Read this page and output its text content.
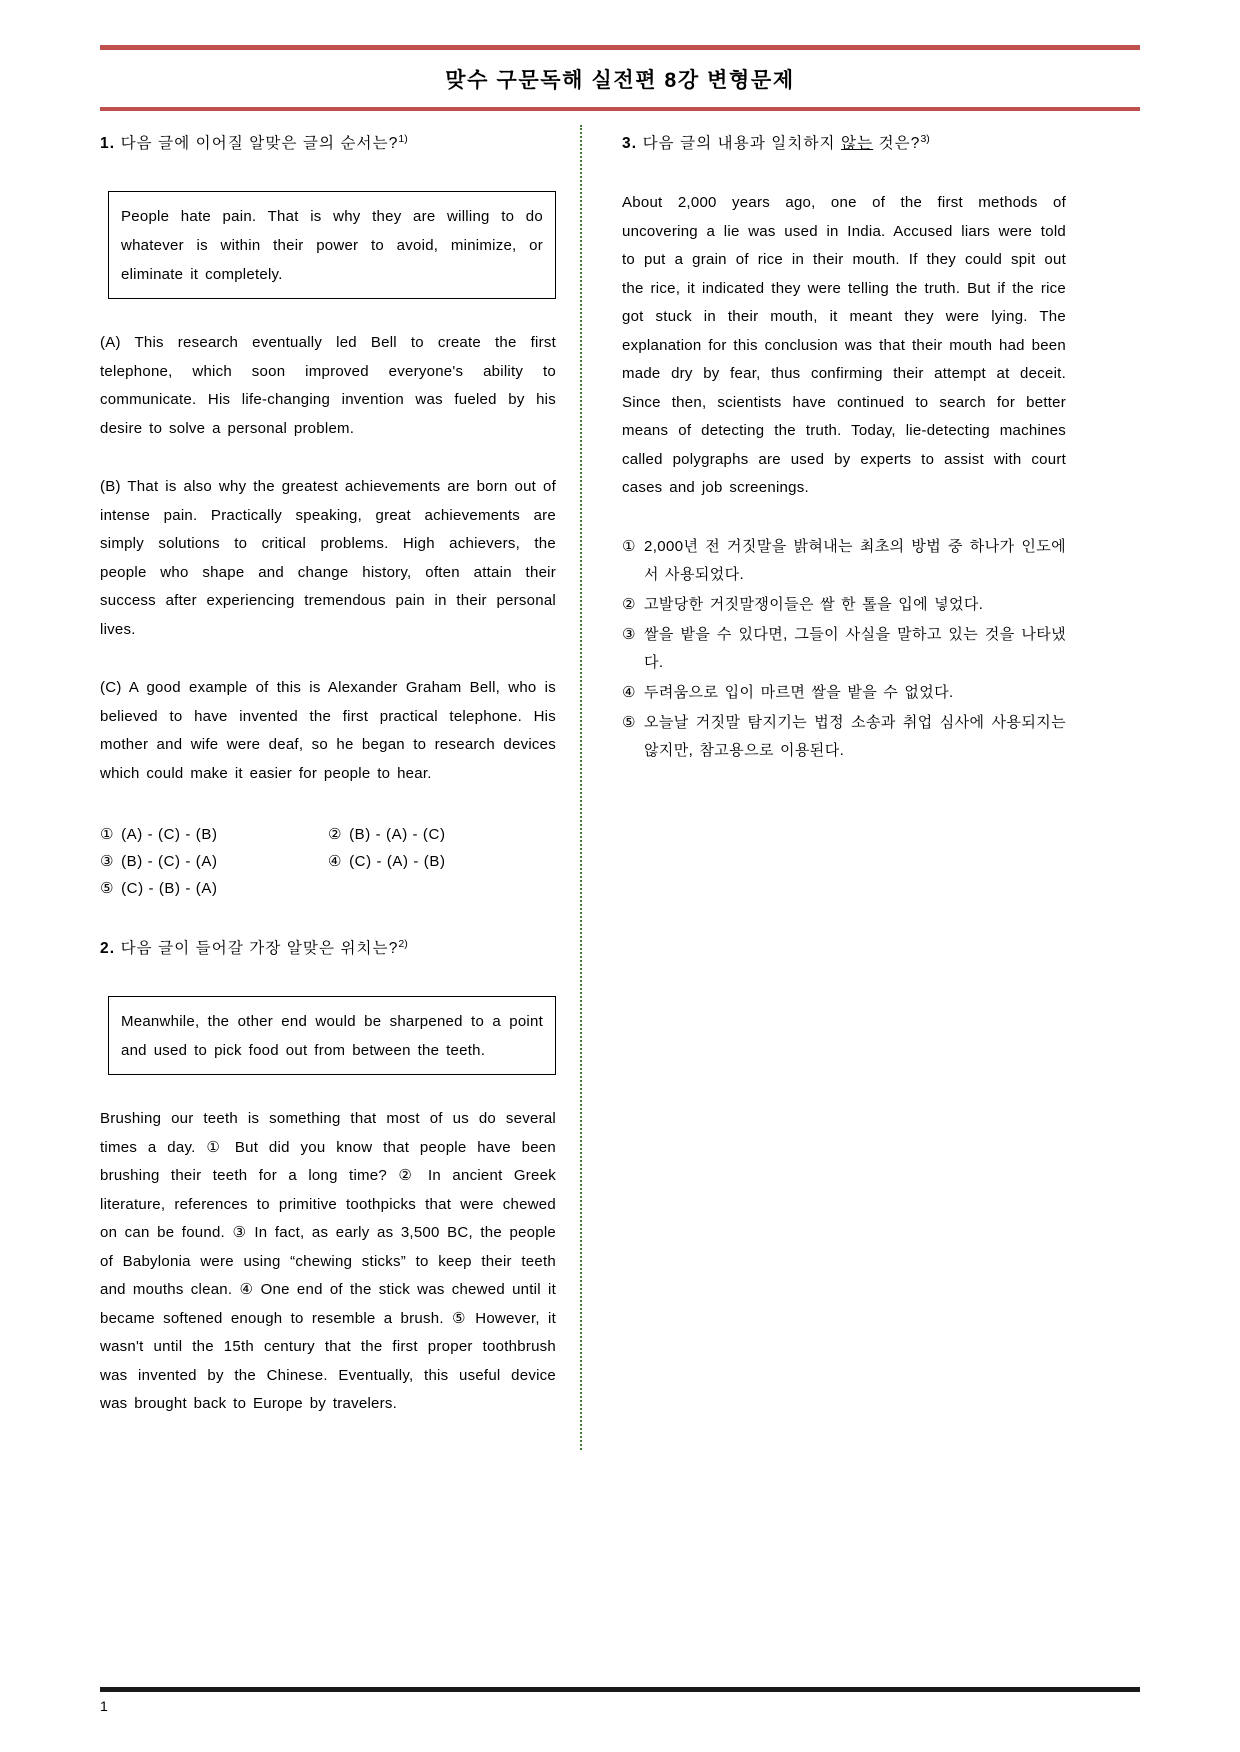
맞수 구문독해 실전편 8강 변형문제
1. 다음 글에 이어질 알맞은 글의 순서는?$^{1)}$

People hate pain. That is why they are willing to do whatever is within their power to avoid, minimize, or eliminate it completely.

(A) This research eventually led Bell to create the first telephone, which soon improved everyone's ability to communicate. His life-changing invention was fueled by his desire to solve a personal problem.
(B) That is also why the greatest achievements are born out of intense pain. Practically speaking, great achievements are simply solutions to critical problems. High achievers, the people who shape and change history, often attain their success after experiencing tremendous pain in their personal lives.
(C) A good example of this is Alexander Graham Bell, who is believed to have invented the first practical telephone. His mother and wife were deaf, so he began to research devices which could make it easier for people to hear.
① (A) - (C) - (B)	② (B) - (A) - (C)
③ (B) - (C) - (A)	④ (C) - (A) - (B)
⑤ (C) - (B) - (A)
2. 다음 글이 들어갈 가장 알맞은 위치는?$^{2)}$

Meanwhile, the other end would be sharpened to a point and used to pick food out from between the teeth.

Brushing our teeth is something that most of us do several times a day. ① But did you know that people have been brushing their teeth for a long time? ② In ancient Greek literature, references to primitive toothpicks that were chewed on can be found. ③ In fact, as early as 3,500 BC, the people of Babylonia were using “chewing sticks” to keep their teeth and mouths clean. ④ One end of the stick was chewed until it became softened enough to resemble a brush. ⑤ However, it wasn't until the 15th century that the first proper toothbrush was invented by the Chinese. Eventually, this useful device was brought back to Europe by travelers.
3. 다음 글의 내용과 일치하지 않는 것은?$^{3)}$
About 2,000 years ago, one of the first methods of uncovering a lie was used in India. Accused liars were told to put a grain of rice in their mouth. If they could spit out the rice, it indicated they were telling the truth. But if the rice got stuck in their mouth, it meant they were lying. The explanation for this conclusion was that their mouth had been made dry by fear, thus confirming their attempt at deceit. Since then, scientists have continued to search for better means of detecting the truth. Today, lie-detecting machines called polygraphs are used by experts to assist with court cases and job screenings.
① 2,000년 전 거짓말을 밝혀내는 최초의 방법 중 하나가 인도에서 사용되었다.
② 고발당한 거짓말쟁이들은 쌀 한 톨을 입에 넣었다.
③ 쌀을 밭을 수 있다면, 그들이 사실을 말하고 있는 것을 나타냈다.
④ 두려움으로 입이 마르면 쌀을 밭을 수 없었다.
⑤ 오늘날 거짓말 탐지기는 법정 소송과 취업 심사에 사용되지는 않지만, 참고용으로 이용된다.
1
